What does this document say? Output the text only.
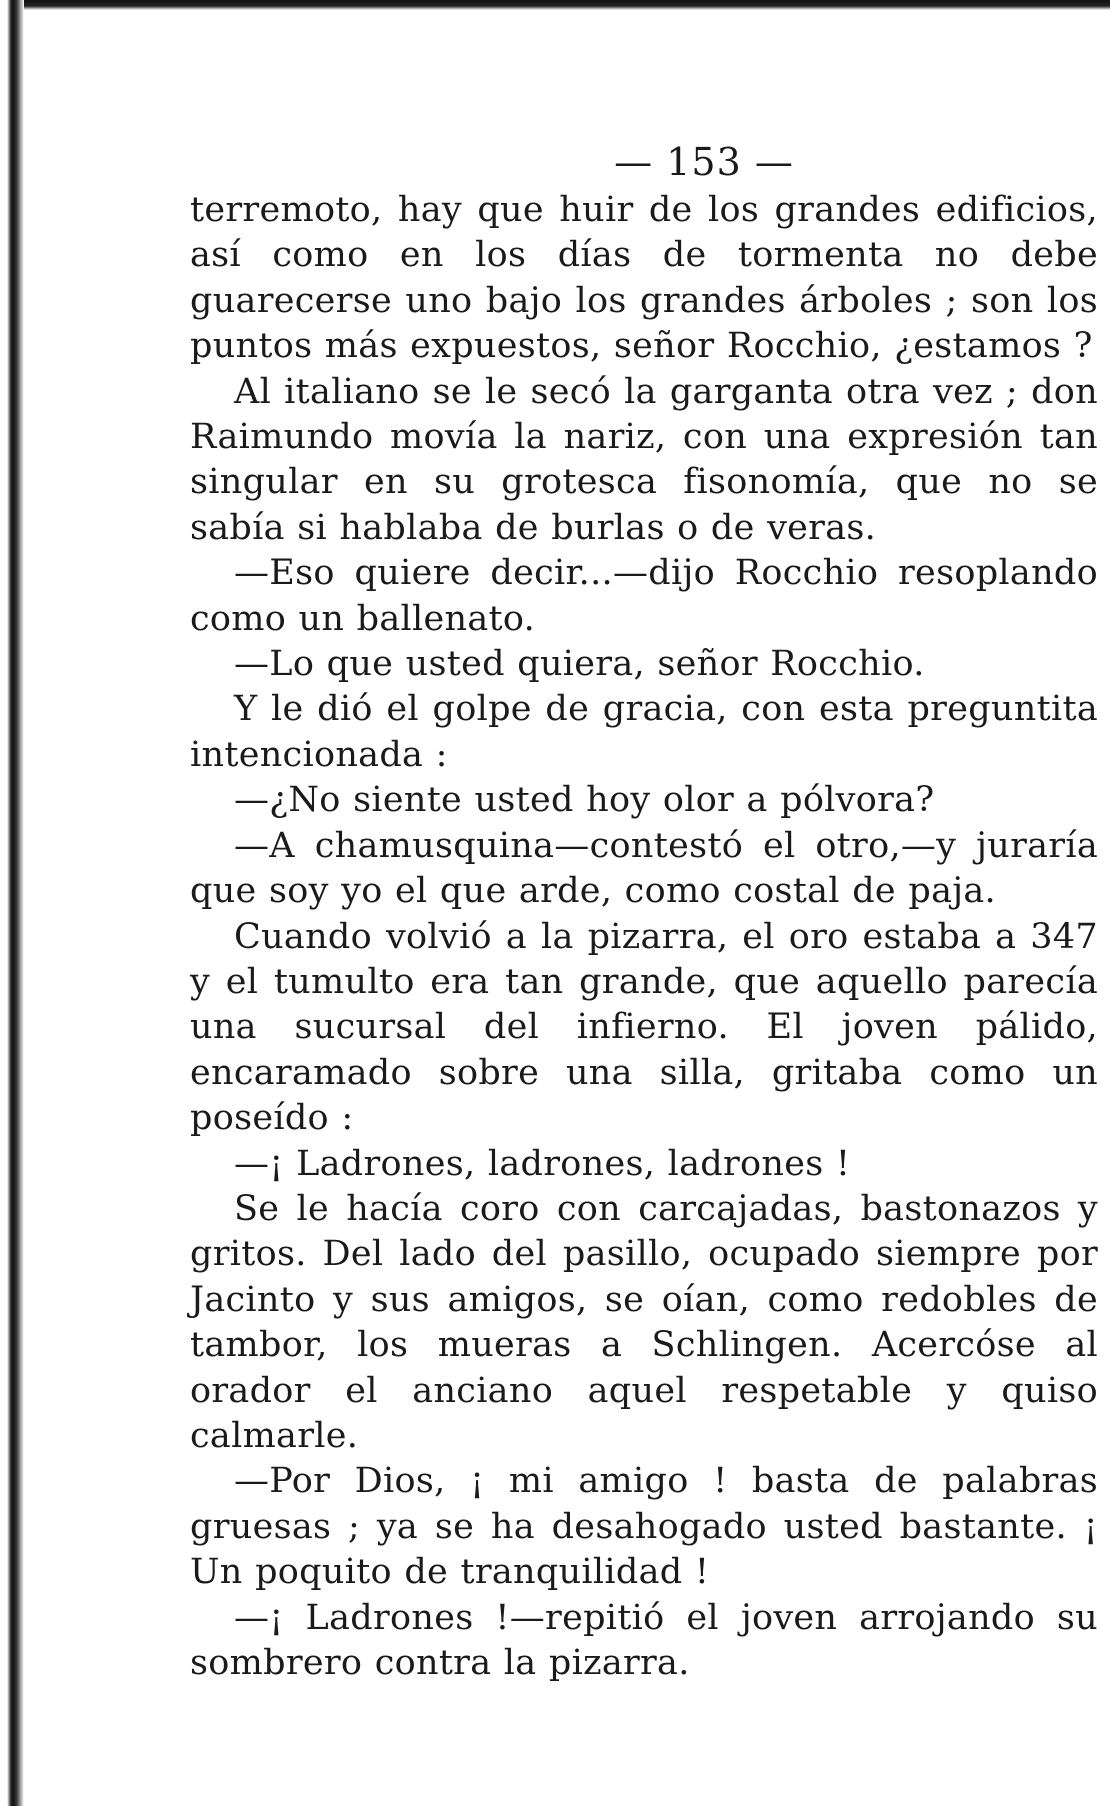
— 153 —

terremoto, hay que huir de los grandes edificios, así como en los días de tormenta no debe guarecerse uno bajo los grandes árboles ; son los puntos más expuestos, señor Rocchio, ¿estamos ?

Al italiano se le secó la garganta otra vez ; don Raimundo movía la nariz, con una expresión tan singular en su grotesca fisonomía, que no se sabía si hablaba de burlas o de veras.

—Eso quiere decir...—dijo Rocchio resoplando como un ballenato.

—Lo que usted quiera, señor Rocchio.

Y le dió el golpe de gracia, con esta preguntita intencionada :

—¿No siente usted hoy olor a pólvora?

—A chamusquina—contestó el otro,—y juraría que soy yo el que arde, como costal de paja.

Cuando volvió a la pizarra, el oro estaba a 347 y el tumulto era tan grande, que aquello parecía una sucursal del infierno. El joven pálido, encaramado sobre una silla, gritaba como un poseído :

—¡ Ladrones, ladrones, ladrones !

Se le hacía coro con carcajadas, bastonazos y gritos. Del lado del pasillo, ocupado siempre por Jacinto y sus amigos, se oían, como redobles de tambor, los mueras a Schlingen. Acercóse al orador el anciano aquel respetable y quiso calmarle.

—Por Dios, ¡ mi amigo ! basta de palabras gruesas ; ya se ha desahogado usted bastante. ¡ Un poquito de tranquilidad !

—¡ Ladrones !—repitió el joven arrojando su sombrero contra la pizarra.
